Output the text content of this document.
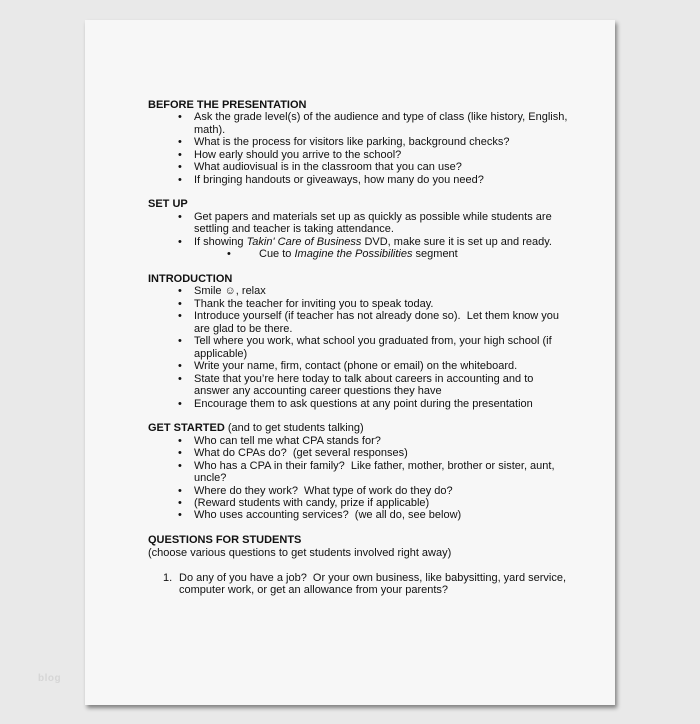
blog
BEFORE THE PRESENTATION
• Ask the grade level(s) of the audience and type of class (like history, English, math).
• What is the process for visitors like parking, background checks?
• How early should you arrive to the school?
• What audiovisual is in the classroom that you can use?
• If bringing handouts or giveaways, how many do you need?
SET UP
• Get papers and materials set up as quickly as possible while students are settling and teacher is taking attendance.
• If showing Takin' Care of Business DVD, make sure it is set up and ready.
• Cue to Imagine the Possibilities segment
INTRODUCTION
• Smile ☺, relax
• Thank the teacher for inviting you to speak today.
• Introduce yourself (if teacher has not already done so).  Let them know you are glad to be there.
• Tell where you work, what school you graduated from, your high school (if applicable)
• Write your name, firm, contact (phone or email) on the whiteboard.
• State that you’re here today to talk about careers in accounting and to answer any accounting career questions they have
• Encourage them to ask questions at any point during the presentation
GET STARTED (and to get students talking)
• Who can tell me what CPA stands for?
• What do CPAs do?  (get several responses)
• Who has a CPA in their family?  Like father, mother, brother or sister, aunt, uncle?
• Where do they work?  What type of work do they do?
• (Reward students with candy, prize if applicable)
• Who uses accounting services?  (we all do, see below)
QUESTIONS FOR STUDENTS
(choose various questions to get students involved right away)
1. Do any of you have a job?  Or your own business, like babysitting, yard service, computer work, or get an allowance from your parents?
